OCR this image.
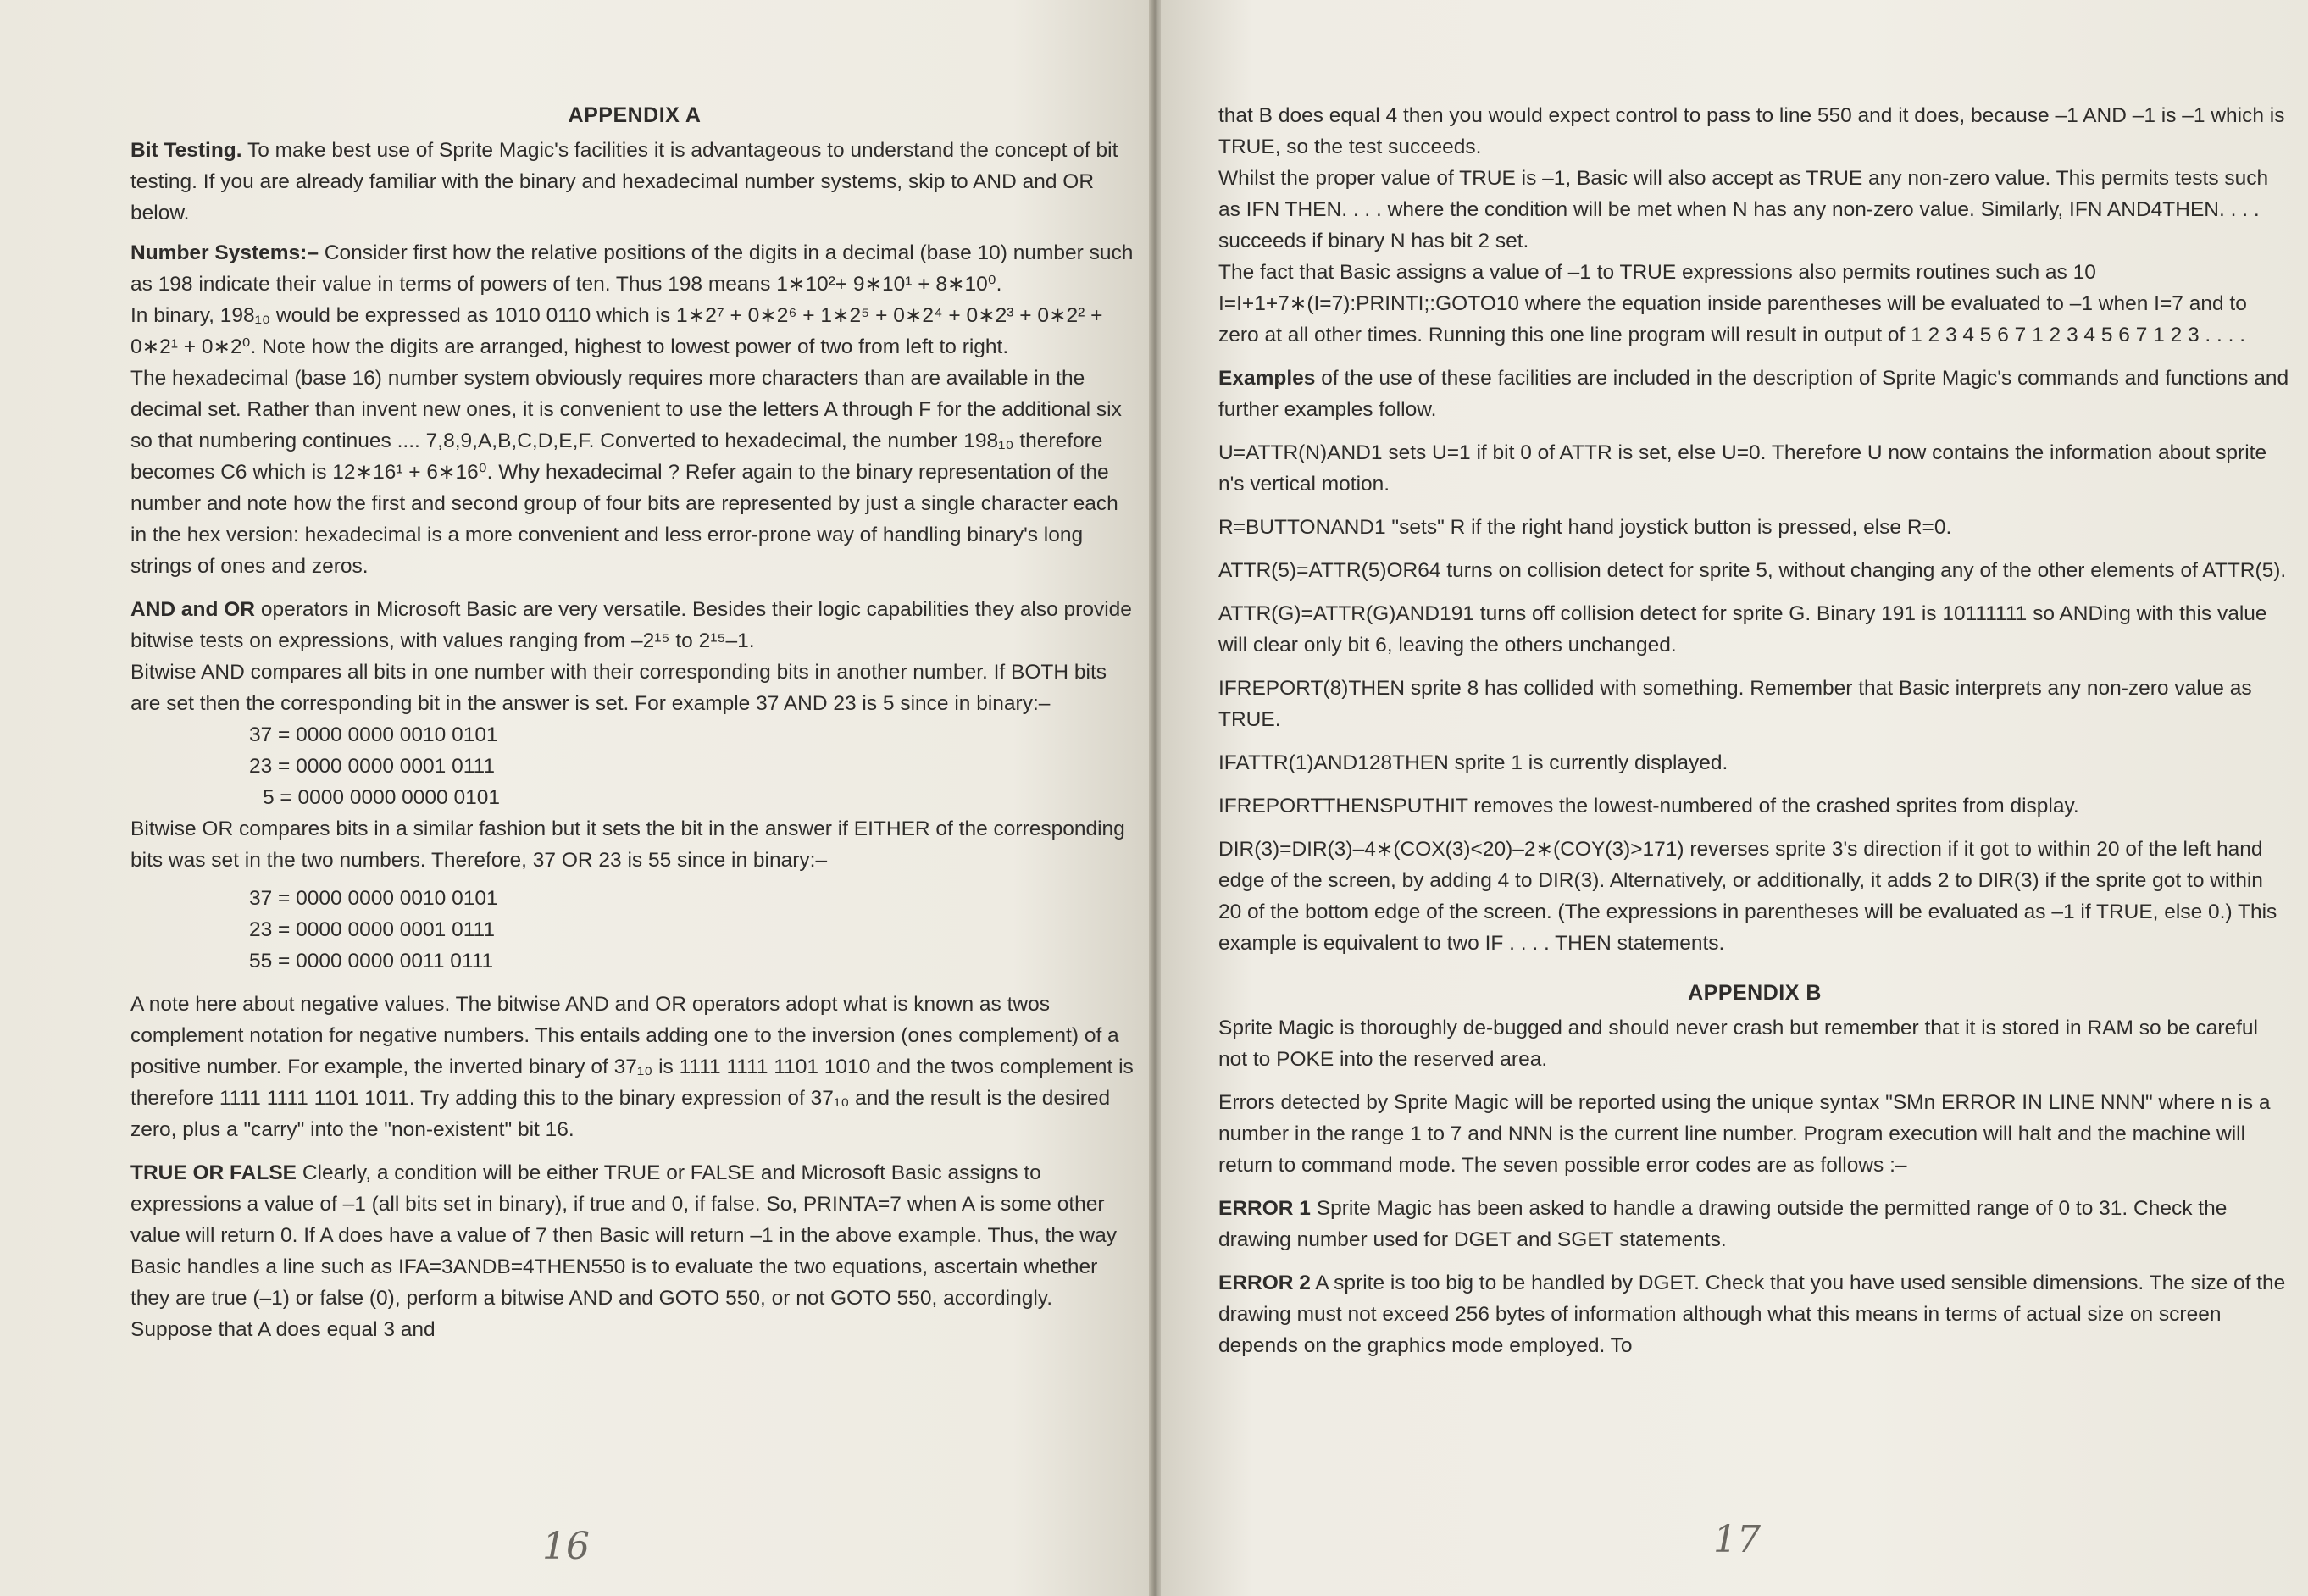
APPENDIX A

Bit Testing. To make best use of Sprite Magic's facilities it is advantageous to understand the concept of bit testing. If you are already familiar with the binary and hexadecimal number systems, skip to AND and OR below.

Number Systems:– Consider first how the relative positions of the digits in a decimal (base 10) number such as 198 indicate their value in terms of powers of ten. Thus 198 means 1∗10²+ 9∗10¹ + 8∗10⁰.

In binary, 198₁₀ would be expressed as 1010 0110 which is 1∗2⁷ + 0∗2⁶ + 1∗2⁵ + 0∗2⁴ + 0∗2³ + 0∗2² + 0∗2¹ + 0∗2⁰. Note how the digits are arranged, highest to lowest power of two from left to right.

The hexadecimal (base 16) number system obviously requires more characters than are available in the decimal set. Rather than invent new ones, it is convenient to use the letters A through F for the additional six so that numbering continues .... 7,8,9,A,B,C,D,E,F. Converted to hexadecimal, the number 198₁₀ therefore becomes C6 which is 12∗16¹ + 6∗16⁰. Why hexadecimal ? Refer again to the binary representation of the number and note how the first and second group of four bits are represented by just a single character each in the hex version: hexadecimal is a more convenient and less error-prone way of handling binary's long strings of ones and zeros.

AND and OR operators in Microsoft Basic are very versatile. Besides their logic capabilities they also provide bitwise tests on expressions, with values ranging from –2¹⁵ to 2¹⁵–1.

Bitwise AND compares all bits in one number with their corresponding bits in another number. If BOTH bits are set then the corresponding bit in the answer is set. For example 37 AND 23 is 5 since in binary:–

37 = 0000 0000 0010 0101
23 = 0000 0000 0001 0111
5 = 0000 0000 0000 0101

Bitwise OR compares bits in a similar fashion but it sets the bit in the answer if EITHER of the corresponding bits was set in the two numbers. Therefore, 37 OR 23 is 55 since in binary:–

37 = 0000 0000 0010 0101
23 = 0000 0000 0001 0111
55 = 0000 0000 0011 0111

A note here about negative values. The bitwise AND and OR operators adopt what is known as twos complement notation for negative numbers. This entails adding one to the inversion (ones complement) of a positive number. For example, the inverted binary of 37₁₀ is 1111 1111 1101 1010 and the twos complement is therefore 1111 1111 1101 1011. Try adding this to the binary expression of 37₁₀ and the result is the desired zero, plus a "carry" into the "non-existent" bit 16.

TRUE OR FALSE Clearly, a condition will be either TRUE or FALSE and Microsoft Basic assigns to expressions a value of –1 (all bits set in binary), if true and 0, if false. So, PRINTA=7 when A is some other value will return 0. If A does have a value of 7 then Basic will return –1 in the above example. Thus, the way Basic handles a line such as IFA=3ANDB=4THEN550 is to evaluate the two equations, ascertain whether they are true (–1) or false (0), perform a bitwise AND and GOTO 550, or not GOTO 550, accordingly. Suppose that A does equal 3 and

16

that B does equal 4 then you would expect control to pass to line 550 and it does, because –1 AND –1 is –1 which is TRUE, so the test succeeds.

Whilst the proper value of TRUE is –1, Basic will also accept as TRUE any non-zero value. This permits tests such as IFN THEN. . . . where the condition will be met when N has any non-zero value. Similarly, IFN AND4THEN. . . . succeeds if binary N has bit 2 set.

The fact that Basic assigns a value of –1 to TRUE expressions also permits routines such as 10 I=I+1+7∗(I=7):PRINTI;:GOTO10 where the equation inside parentheses will be evaluated to –1 when I=7 and to zero at all other times. Running this one line program will result in output of 1 2 3 4 5 6 7 1 2 3 4 5 6 7 1 2 3 . . . .

Examples of the use of these facilities are included in the description of Sprite Magic's commands and functions and further examples follow.

U=ATTR(N)AND1 sets U=1 if bit 0 of ATTR is set, else U=0. Therefore U now contains the information about sprite n's vertical motion.

R=BUTTONAND1 "sets" R if the right hand joystick button is pressed, else R=0.

ATTR(5)=ATTR(5)OR64 turns on collision detect for sprite 5, without changing any of the other elements of ATTR(5).

ATTR(G)=ATTR(G)AND191 turns off collision detect for sprite G. Binary 191 is 10111111 so ANDing with this value will clear only bit 6, leaving the others unchanged.

IFREPORT(8)THEN sprite 8 has collided with something. Remember that Basic interprets any non-zero value as TRUE.

IFATTR(1)AND128THEN sprite 1 is currently displayed.

IFREPORTTHENSPUTHIT removes the lowest-numbered of the crashed sprites from display.

DIR(3)=DIR(3)–4∗(COX(3)<20)–2∗(COY(3)>171) reverses sprite 3's direction if it got to within 20 of the left hand edge of the screen, by adding 4 to DIR(3). Alternatively, or additionally, it adds 2 to DIR(3) if the sprite got to within 20 of the bottom edge of the screen. (The expressions in parentheses will be evaluated as –1 if TRUE, else 0.) This example is equivalent to two IF . . . . THEN statements.

APPENDIX B

Sprite Magic is thoroughly de-bugged and should never crash but remember that it is stored in RAM so be careful not to POKE into the reserved area.

Errors detected by Sprite Magic will be reported using the unique syntax "SMn ERROR IN LINE NNN" where n is a number in the range 1 to 7 and NNN is the current line number. Program execution will halt and the machine will return to command mode. The seven possible error codes are as follows :–

ERROR 1 Sprite Magic has been asked to handle a drawing outside the permitted range of 0 to 31. Check the drawing number used for DGET and SGET statements.

ERROR 2 A sprite is too big to be handled by DGET. Check that you have used sensible dimensions. The size of the drawing must not exceed 256 bytes of information although what this means in terms of actual size on screen depends on the graphics mode employed. To

17
